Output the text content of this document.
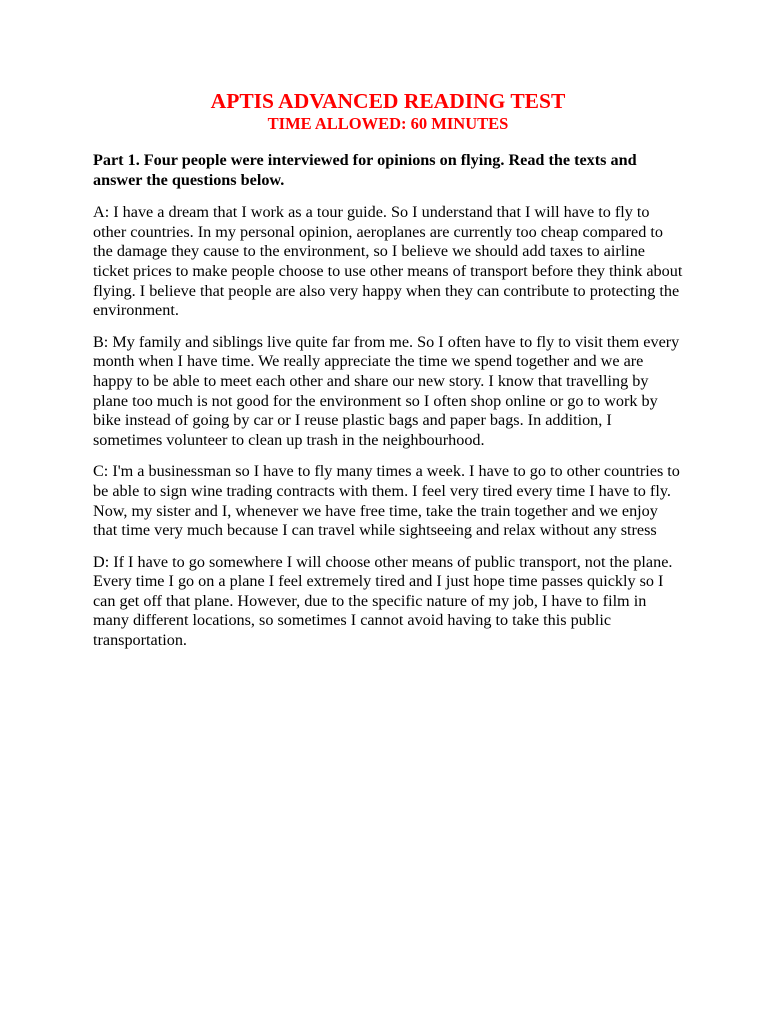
APTIS ADVANCED READING TEST
TIME ALLOWED: 60 MINUTES

Part 1. Four people were interviewed for opinions on flying. Read the texts and answer the questions below.

A: I have a dream that I work as a tour guide. So I understand that I will have to fly to other countries. In my personal opinion, aeroplanes are currently too cheap compared to the damage they cause to the environment, so I believe we should add taxes to airline ticket prices to make people choose to use other means of transport before they think about flying. I believe that people are also very happy when they can contribute to protecting the environment.

B: My family and siblings live quite far from me. So I often have to fly to visit them every month when I have time. We really appreciate the time we spend together and we are happy to be able to meet each other and share our new story. I know that travelling by plane too much is not good for the environment so I often shop online or go to work by bike instead of going by car or I reuse plastic bags and paper bags. In addition, I sometimes volunteer to clean up trash in the neighbourhood.

C: I'm a businessman so I have to fly many times a week. I have to go to other countries to be able to sign wine trading contracts with them. I feel very tired every time I have to fly. Now, my sister and I, whenever we have free time, take the train together and we enjoy that time very much because I can travel while sightseeing and relax without any stress

D: If I have to go somewhere I will choose other means of public transport, not the plane. Every time I go on a plane I feel extremely tired and I just hope time passes quickly so I can get off that plane. However, due to the specific nature of my job, I have to film in many different locations, so sometimes I cannot avoid having to take this public transportation.
